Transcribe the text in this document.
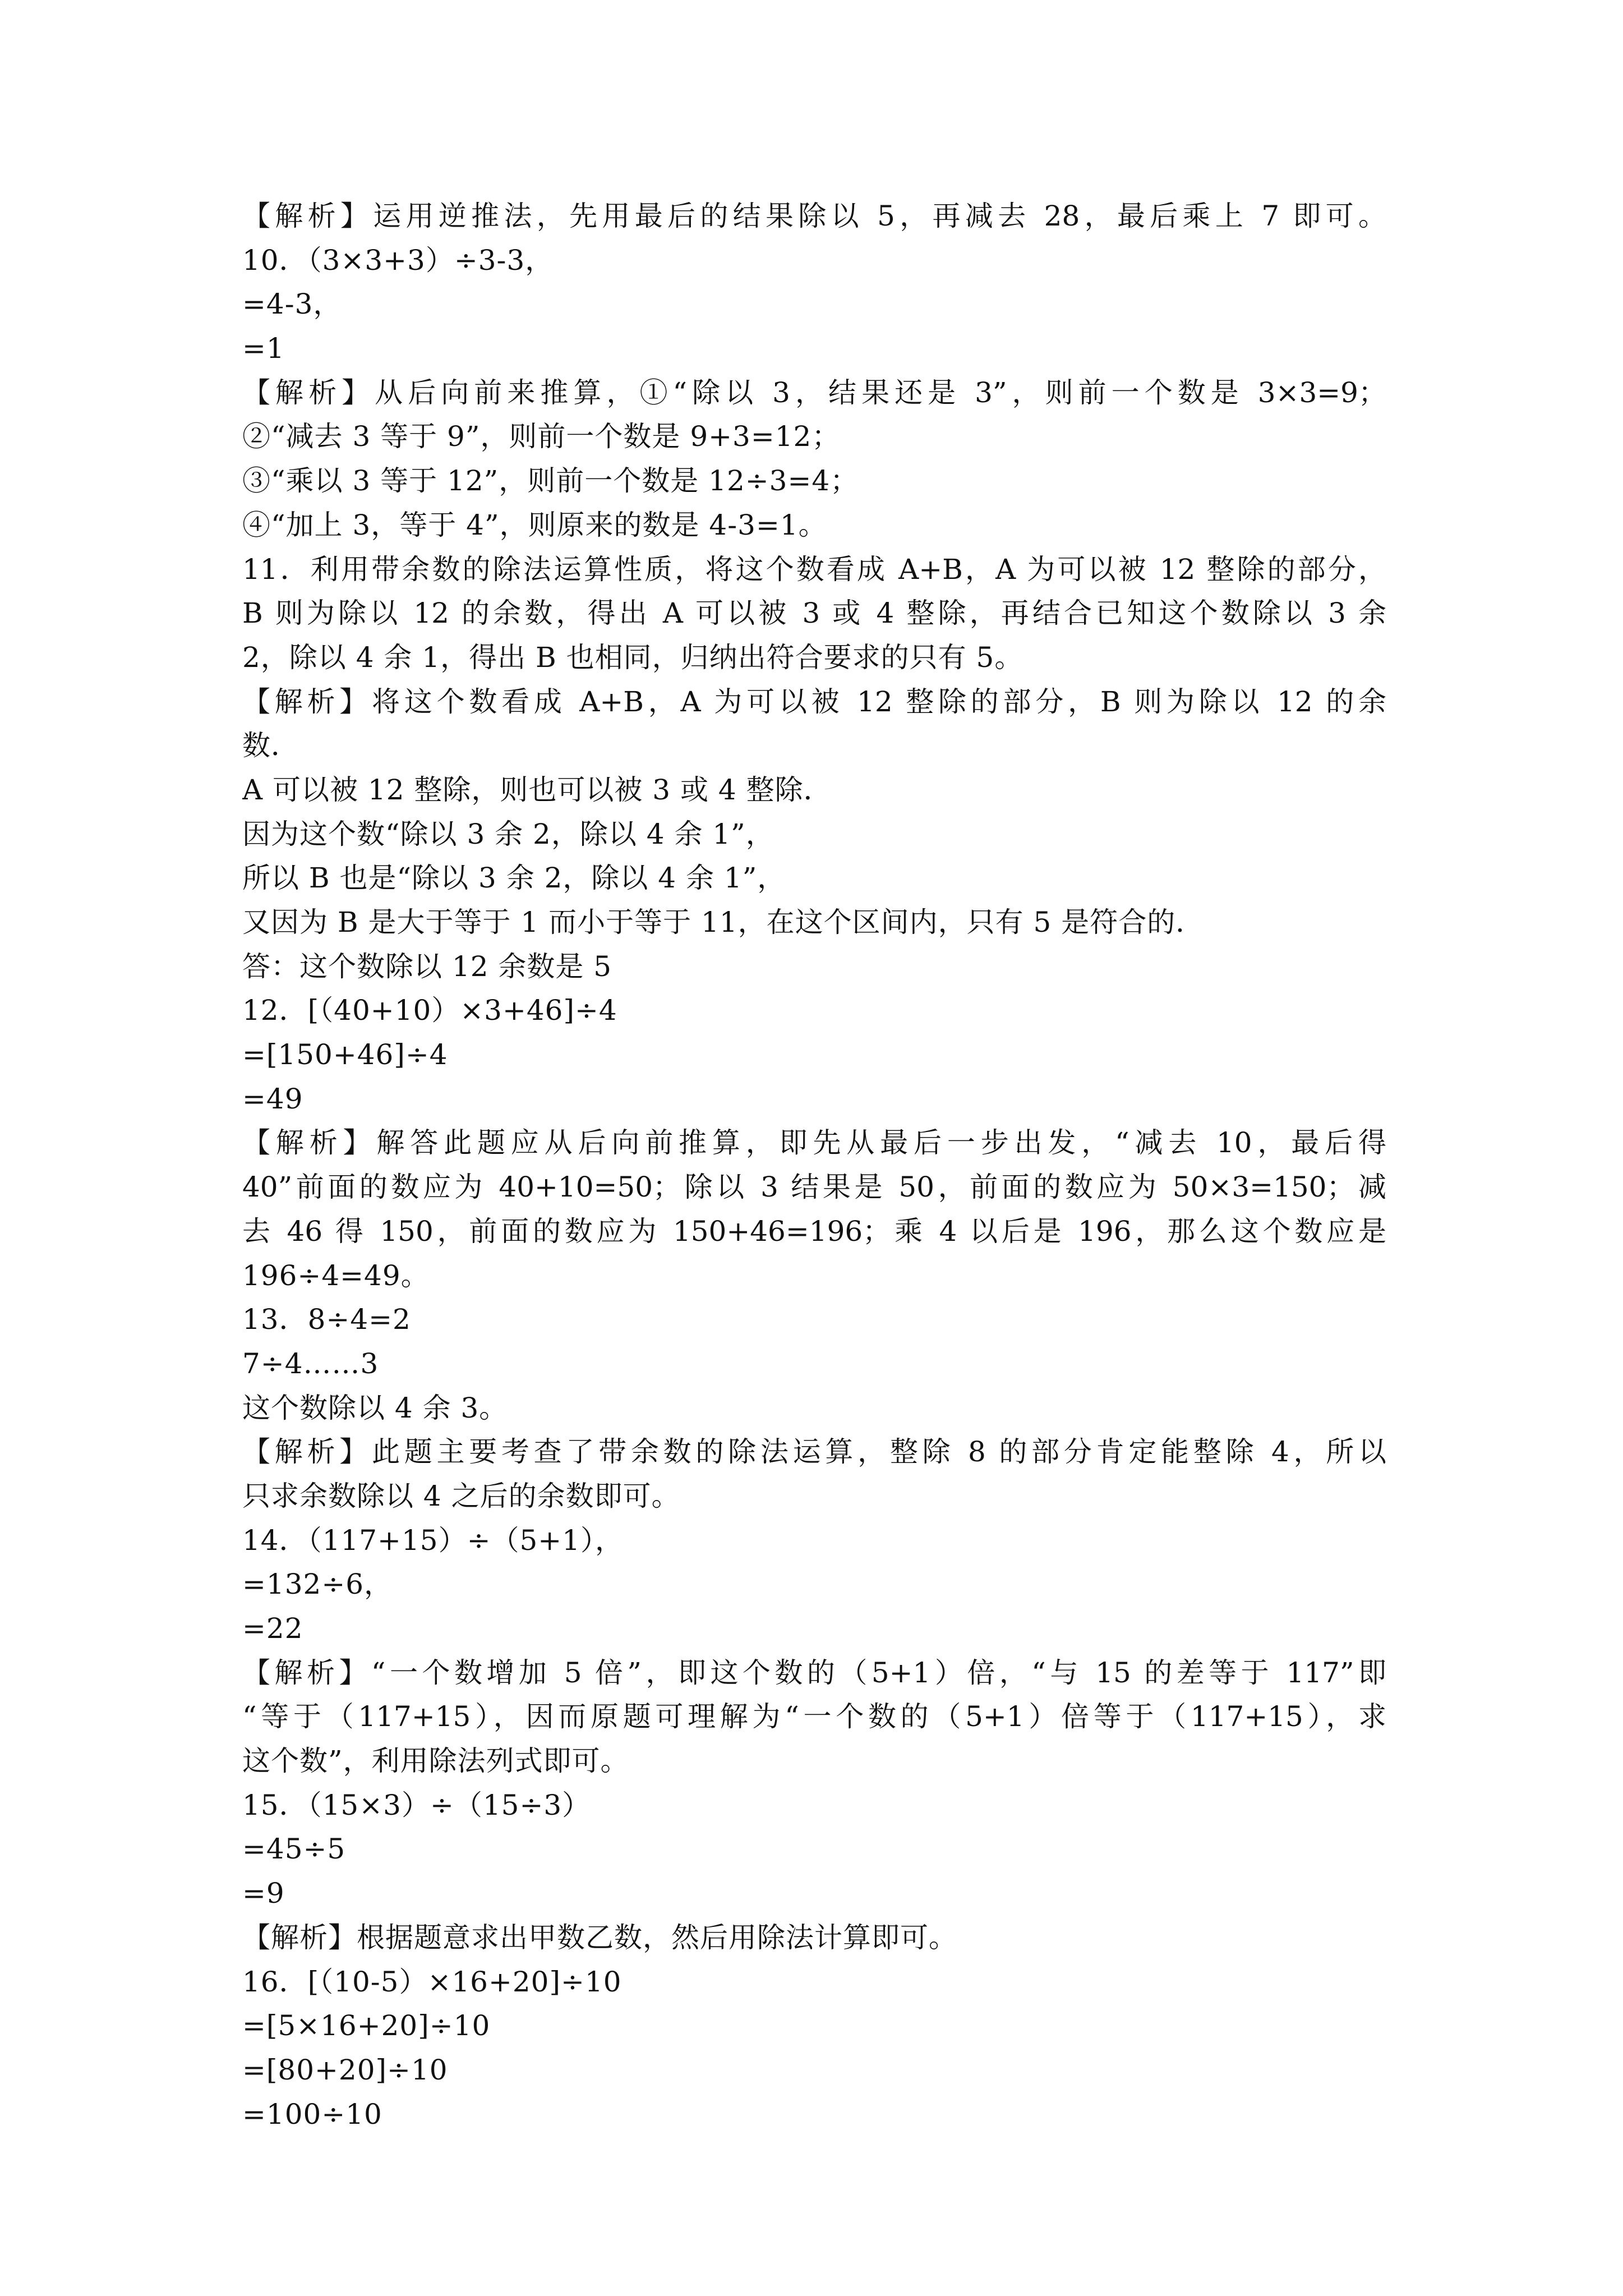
【解析】运用逆推法，先用最后的结果除以 5，再减去 28，最后乘上 7 即可。
10．（3×3+3）÷3-3，
=4-3，
=1
【解析】从后向前来推算，①“除以 3，结果还是 3”，则前一个数是 3×3=9；
②“减去 3 等于 9”，则前一个数是 9+3=12；
③“乘以 3 等于 12”，则前一个数是 12÷3=4；
④“加上 3，等于 4”，则原来的数是 4-3=1。
11．利用带余数的除法运算性质，将这个数看成 A+B，A 为可以被 12 整除的部分，
B 则为除以 12 的余数，得出 A 可以被 3 或 4 整除，再结合已知这个数除以 3 余
2，除以 4 余 1，得出 B 也相同，归纳出符合要求的只有 5。
【解析】将这个数看成 A+B，A 为可以被 12 整除的部分，B 则为除以 12 的余
数．
A 可以被 12 整除，则也可以被 3 或 4 整除．
因为这个数“除以 3 余 2，除以 4 余 1”，
所以 B 也是“除以 3 余 2，除以 4 余 1”，
又因为 B 是大于等于 1 而小于等于 11，在这个区间内，只有 5 是符合的．
答：这个数除以 12 余数是 5
12．[（40+10）×3+46]÷4
=[150+46]÷4
=49
【解析】解答此题应从后向前推算，即先从最后一步出发，“减去 10，最后得
40”前面的数应为 40+10=50；除以 3 结果是 50，前面的数应为 50×3=150；减
去 46 得 150，前面的数应为 150+46=196；乘 4 以后是 196，那么这个数应是
196÷4=49。
13．8÷4=2
7÷4……3
这个数除以 4 余 3。
【解析】此题主要考查了带余数的除法运算，整除 8 的部分肯定能整除 4，所以
只求余数除以 4 之后的余数即可。
14．（117+15）÷（5+1），
=132÷6，
=22
【解析】“一个数增加 5 倍”，即这个数的（5+1）倍，“与 15 的差等于 117”即
“等于（117+15），因而原题可理解为“一个数的（5+1）倍等于（117+15），求
这个数”，利用除法列式即可。
15．（15×3）÷（15÷3）
=45÷5
=9
【解析】根据题意求出甲数乙数，然后用除法计算即可。
16．[（10-5）×16+20]÷10
=[5×16+20]÷10
=[80+20]÷10
=100÷10
